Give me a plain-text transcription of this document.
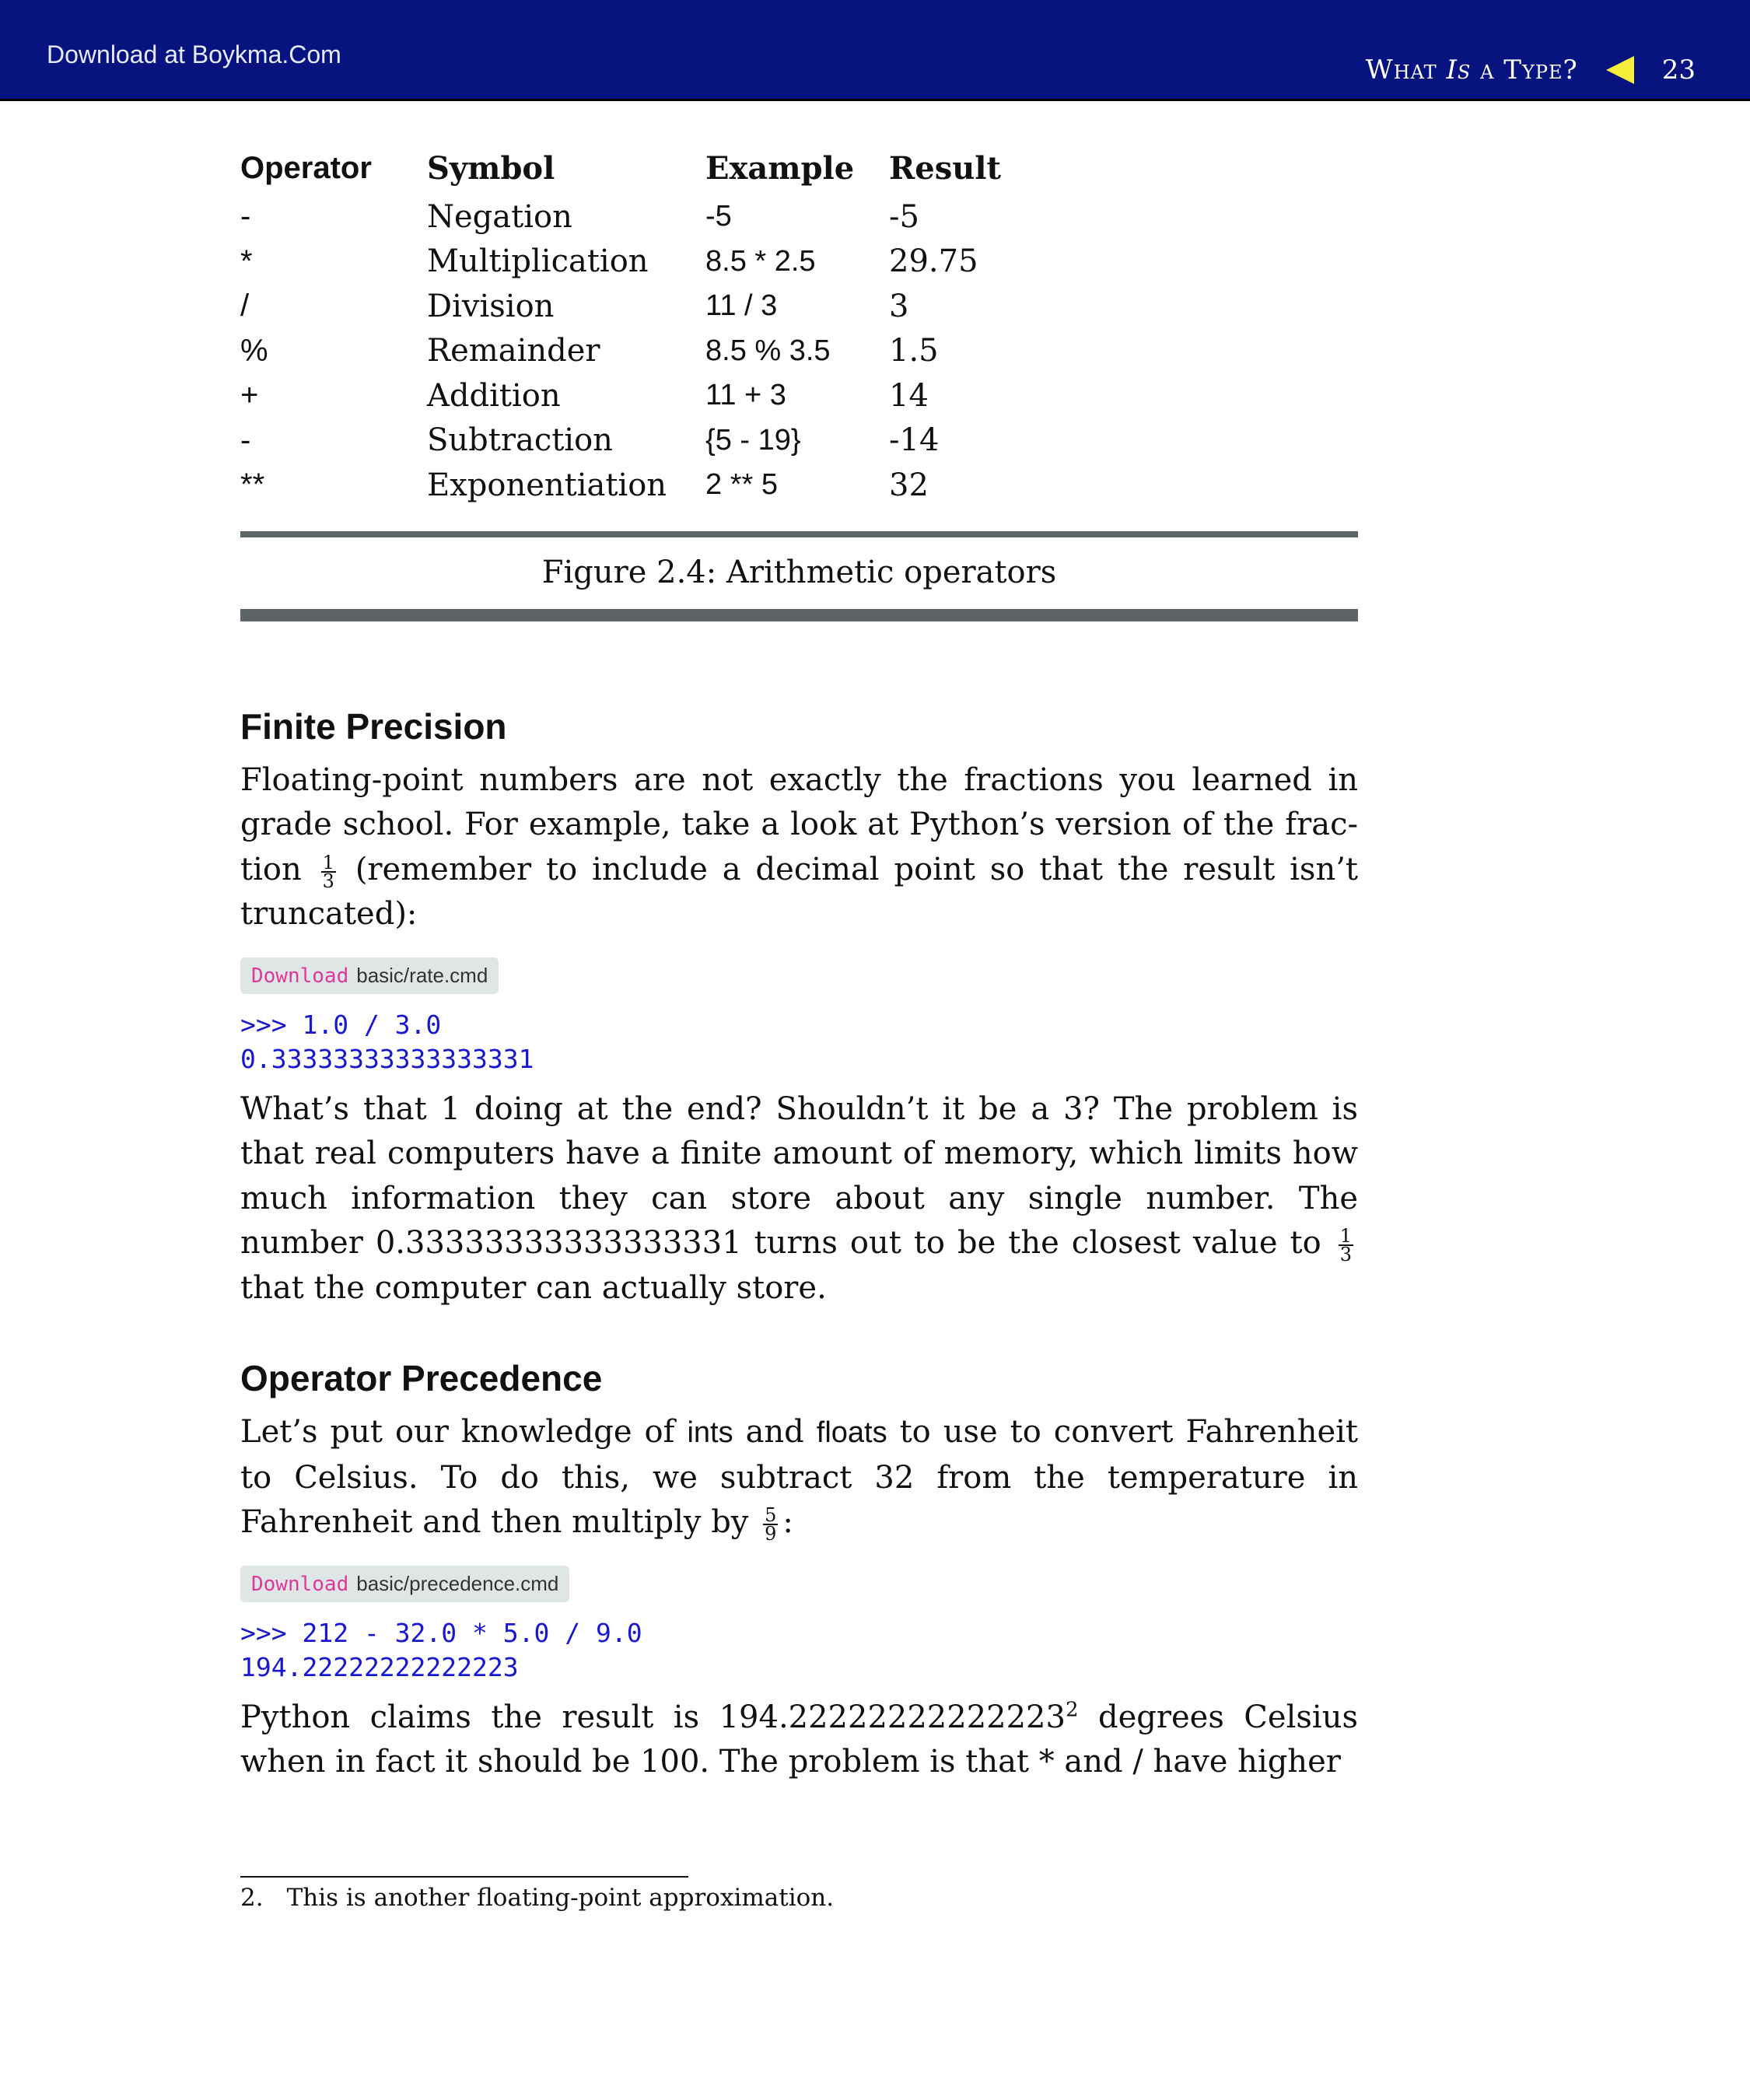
Download at Boykma.Com	What Is a Type?	23
Operator	Symbol	Example	Result
-	Negation	-5	-5
*	Multiplication	8.5 * 2.5	29.75
/	Division	11 / 3	3
%	Remainder	8.5 % 3.5	1.5
+	Addition	11 + 3	14
-	Subtraction	{5 - 19}	-14
**	Exponentiation	2 ** 5	32
Figure 2.4: Arithmetic operators
Finite Precision

Floating-point numbers are not exactly the fractions you learned in grade school. For example, take a look at Python’s version of the frac- tion $\frac{1}{3}$ (remember to include a decimal point so that the result isn’t truncated):

Download basic/rate.cmd
>>> 1.0 / 3.0
0.33333333333333331

What’s that 1 doing at the end? Shouldn’t it be a 3? The problem is that real computers have a finite amount of memory, which limits how much information they can store about any single number. The number 0.33333333333333331 turns out to be the closest value to $\frac{1}{3}$
that the computer can actually store.

Operator Precedence

Let’s put our knowledge of ints and floats to use to convert Fahrenheit to Celsius. To do this, we subtract 32 from the temperature in Fahrenheit and then multiply by $\frac{5}{9}$ :

Download basic/precedence.cmd
>>> 212 - 32.0 * 5.0 / 9.0
194.22222222222223

Python claims the result is 194.22222222222223$^2$ degrees Celsius when in fact it should be 100. The problem is that * and / have higher

2. This is another floating-point approximation.
